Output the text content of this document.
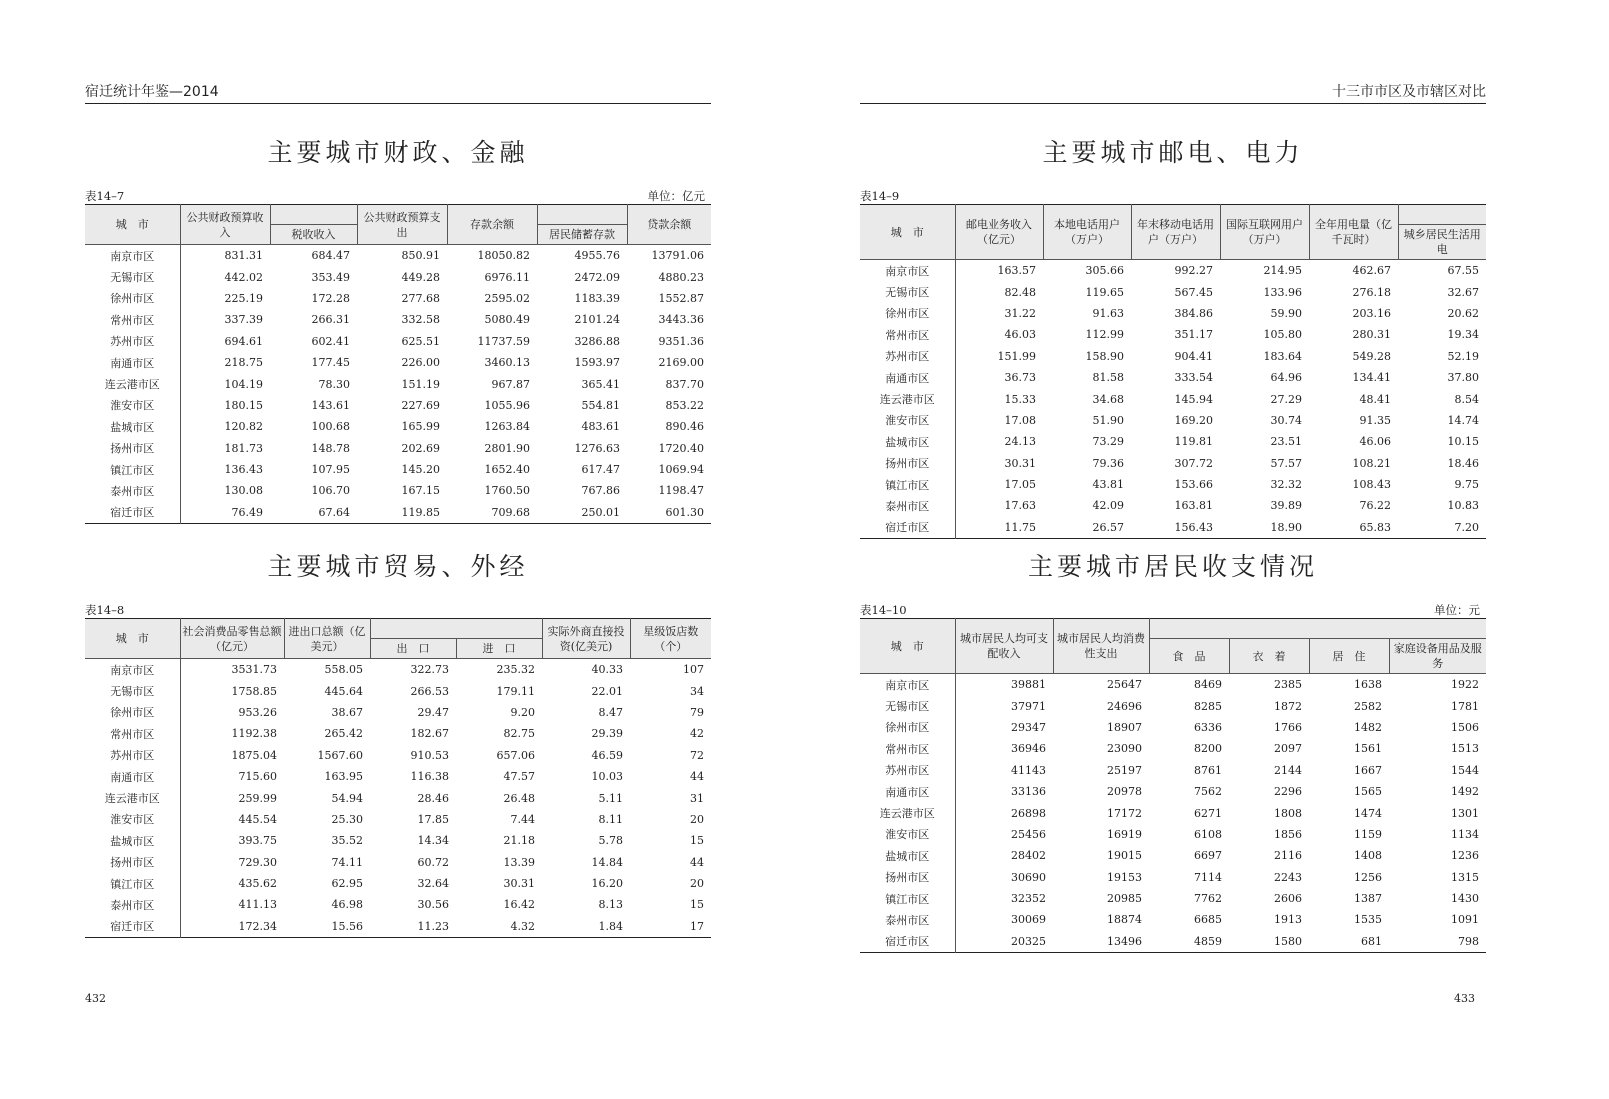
宿迁统计年鉴—2014
主要城市财政、金融
表14–7	单位：亿元
城　市	公共财政预算收入		公共财政预算支出	存款余额		贷款余额
		税收收入			居民储蓄存款	
南京市区	831.31	684.47	850.91	18050.82	4955.76	13791.06
无锡市区	442.02	353.49	449.28	6976.11	2472.09	4880.23
徐州市区	225.19	172.28	277.68	2595.02	1183.39	1552.87
常州市区	337.39	266.31	332.58	5080.49	2101.24	3443.36
苏州市区	694.61	602.41	625.51	11737.59	3286.88	9351.36
南通市区	218.75	177.45	226.00	3460.13	1593.97	2169.00
连云港市区	104.19	78.30	151.19	967.87	365.41	837.70
淮安市区	180.15	143.61	227.69	1055.96	554.81	853.22
盐城市区	120.82	100.68	165.99	1263.84	483.61	890.46
扬州市区	181.73	148.78	202.69	2801.90	1276.63	1720.40
镇江市区	136.43	107.95	145.20	1652.40	617.47	1069.94
泰州市区	130.08	106.70	167.15	1760.50	767.86	1198.47
宿迁市区	76.49	67.64	119.85	709.68	250.01	601.30
主要城市贸易、外经
表14–8
城　市	社会消费品零售总额（亿元）	进出口总额（亿美元）			实际外商直接投资(亿美元)	星级饭店数（个）
			出　口	进　口		
南京市区	3531.73	558.05	322.73	235.32	40.33	107
无锡市区	1758.85	445.64	266.53	179.11	22.01	34
徐州市区	953.26	38.67	29.47	9.20	8.47	79
常州市区	1192.38	265.42	182.67	82.75	29.39	42
苏州市区	1875.04	1567.60	910.53	657.06	46.59	72
南通市区	715.60	163.95	116.38	47.57	10.03	44
连云港市区	259.99	54.94	28.46	26.48	5.11	31
淮安市区	445.54	25.30	17.85	7.44	8.11	20
盐城市区	393.75	35.52	14.34	21.18	5.78	15
扬州市区	729.30	74.11	60.72	13.39	14.84	44
镇江市区	435.62	62.95	32.64	30.31	16.20	20
泰州市区	411.13	46.98	30.56	16.42	8.13	15
宿迁市区	172.34	15.56	11.23	4.32	1.84	17
432
十三市市区及市辖区对比
主要城市邮电、电力
表14–9
城　市	邮电业务收入（亿元）	本地电话用户（万户）	年末移动电话用户（万户）	国际互联网用户（万户）	全年用电量（亿千瓦时）	
						城乡居民生活用电
南京市区	163.57	305.66	992.27	214.95	462.67	67.55
无锡市区	82.48	119.65	567.45	133.96	276.18	32.67
徐州市区	31.22	91.63	384.86	59.90	203.16	20.62
常州市区	46.03	112.99	351.17	105.80	280.31	19.34
苏州市区	151.99	158.90	904.41	183.64	549.28	52.19
南通市区	36.73	81.58	333.54	64.96	134.41	37.80
连云港市区	15.33	34.68	145.94	27.29	48.41	8.54
淮安市区	17.08	51.90	169.20	30.74	91.35	14.74
盐城市区	24.13	73.29	119.81	23.51	46.06	10.15
扬州市区	30.31	79.36	307.72	57.57	108.21	18.46
镇江市区	17.05	43.81	153.66	32.32	108.43	9.75
泰州市区	17.63	42.09	163.81	39.89	76.22	10.83
宿迁市区	11.75	26.57	156.43	18.90	65.83	7.20
主要城市居民收支情况
表14–10	单位：元
城　市	城市居民人均可支配收入	城市居民人均消费性支出				
			食　品	衣　着	居　住	家庭设备用品及服务
南京市区	39881	25647	8469	2385	1638	1922
无锡市区	37971	24696	8285	1872	2582	1781
徐州市区	29347	18907	6336	1766	1482	1506
常州市区	36946	23090	8200	2097	1561	1513
苏州市区	41143	25197	8761	2144	1667	1544
南通市区	33136	20978	7562	2296	1565	1492
连云港市区	26898	17172	6271	1808	1474	1301
淮安市区	25456	16919	6108	1856	1159	1134
盐城市区	28402	19015	6697	2116	1408	1236
扬州市区	30690	19153	7114	2243	1256	1315
镇江市区	32352	20985	7762	2606	1387	1430
泰州市区	30069	18874	6685	1913	1535	1091
宿迁市区	20325	13496	4859	1580	681	798
433
